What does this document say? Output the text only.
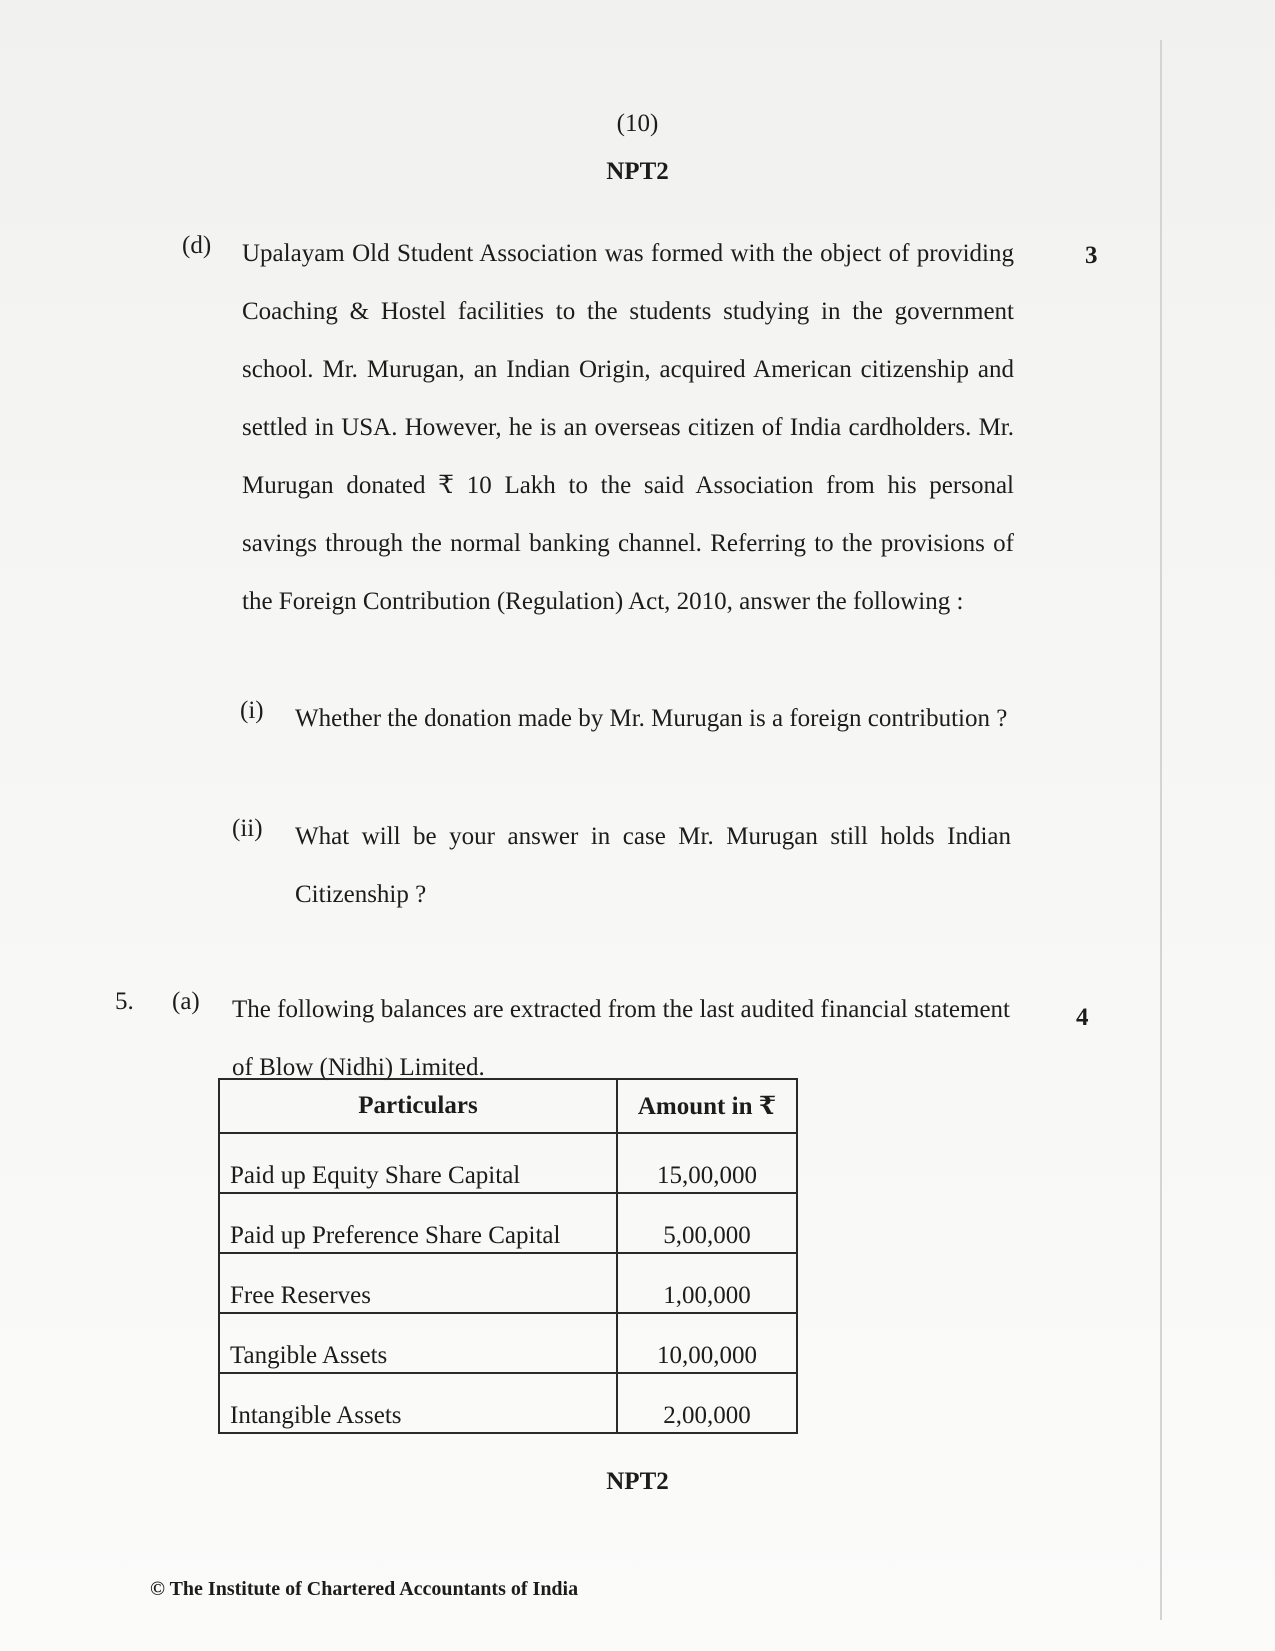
(10)
NPT2
(d) Upalayam Old Student Association was formed with the object of providing Coaching & Hostel facilities to the students studying in the government school. Mr. Murugan, an Indian Origin, acquired American citizenship and settled in USA. However, he is an overseas citizen of India cardholders. Mr. Murugan donated ₹ 10 Lakh to the said Association from his personal savings through the normal banking channel. Referring to the provisions of the Foreign Contribution (Regulation) Act, 2010, answer the following :
3
(i) Whether the donation made by Mr. Murugan is a foreign contribution ?
(ii) What will be your answer in case Mr. Murugan still holds Indian Citizenship ?
5. (a) The following balances are extracted from the last audited financial statement of Blow (Nidhi) Limited.
4
Particulars	Amount in ₹
Paid up Equity Share Capital	15,00,000
Paid up Preference Share Capital	5,00,000
Free Reserves	1,00,000
Tangible Assets	10,00,000
Intangible Assets	2,00,000
NPT2
© The Institute of Chartered Accountants of India
